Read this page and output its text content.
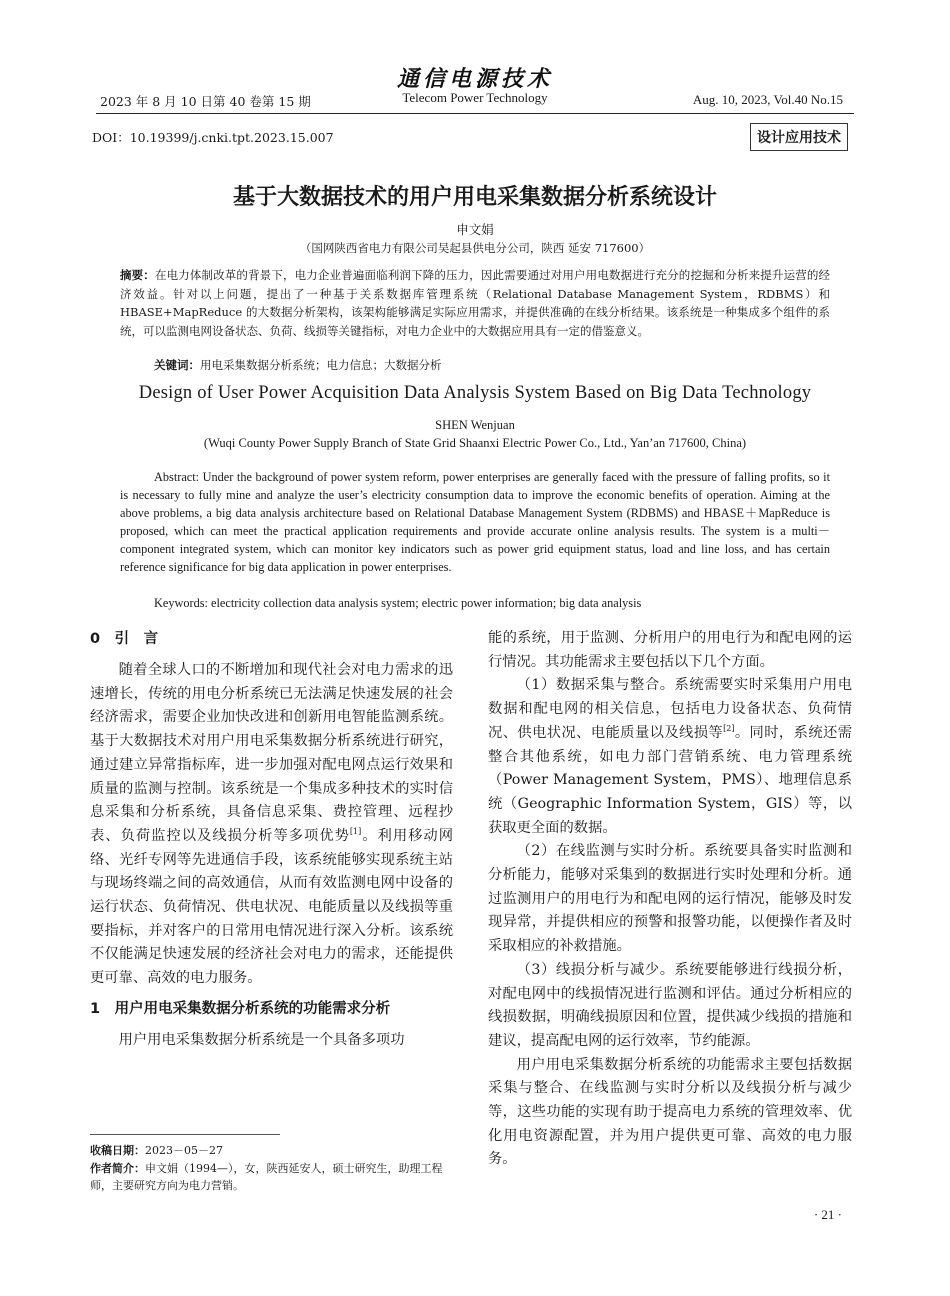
通信电源技术
2023 年 8 月 10 日第 40 卷第 15 期	Telecom Power Technology	Aug. 10, 2023, Vol.40 No.15
DOI：10.19399/j.cnki.tpt.2023.15.007	设计应用技术
基于大数据技术的用户用电采集数据分析系统设计
申文娟
（国网陕西省电力有限公司吴起县供电分公司，陕西 延安 717600）
摘要：在电力体制改革的背景下，电力企业普遍面临利润下降的压力，因此需要通过对用户用电数据进行充分的挖掘和分析来提升运营的经济效益。针对以上问题，提出了一种基于关系数据库管理系统（Relational Database Management System，RDBMS）和 HBASE+MapReduce 的大数据分析架构，该架构能够满足实际应用需求，并提供准确的在线分析结果。该系统是一种集成多个组件的系统，可以监测电网设备状态、负荷、线损等关键指标，对电力企业中的大数据应用具有一定的借鉴意义。
关键词：用电采集数据分析系统；电力信息；大数据分析
Design of User Power Acquisition Data Analysis System Based on Big Data Technology
SHEN Wenjuan
(Wuqi County Power Supply Branch of State Grid Shaanxi Electric Power Co., Ltd., Yan’an 717600, China)
Abstract: Under the background of power system reform, power enterprises are generally faced with the pressure of falling profits, so it is necessary to fully mine and analyze the user’s electricity consumption data to improve the economic benefits of operation. Aiming at the above problems, a big data analysis architecture based on Relational Database Management System (RDBMS) and HBASE＋MapReduce is proposed, which can meet the practical application requirements and provide accurate online analysis results. The system is a multi－component integrated system, which can monitor key indicators such as power grid equipment status, load and line loss, and has certain reference significance for big data application in power enterprises.
Keywords: electricity collection data analysis system; electric power information; big data analysis
0　引　言

随着全球人口的不断增加和现代社会对电力需求的迅速增长，传统的用电分析系统已无法满足快速发展的社会经济需求，需要企业加快改进和创新用电智能监测系统。基于大数据技术对用户用电采集数据分析系统进行研究，通过建立异常指标库，进一步加强对配电网点运行效果和质量的监测与控制。该系统是一个集成多种技术的实时信息采集和分析系统，具备信息采集、费控管理、远程抄表、负荷监控以及线损分析等多项优势[1]。利用移动网络、光纤专网等先进通信手段，该系统能够实现系统主站与现场终端之间的高效通信，从而有效监测电网中设备的运行状态、负荷情况、供电状况、电能质量以及线损等重要指标，并对客户的日常用电情况进行深入分析。该系统不仅能满足快速发展的经济社会对电力的需求，还能提供更可靠、高效的电力服务。

1　用户用电采集数据分析系统的功能需求分析

用户用电采集数据分析系统是一个具备多项功

能的系统，用于监测、分析用户的用电行为和配电网的运行情况。其功能需求主要包括以下几个方面。

（1）数据采集与整合。系统需要实时采集用户用电数据和配电网的相关信息，包括电力设备状态、负荷情况、供电状况、电能质量以及线损等[2]。同时，系统还需整合其他系统，如电力部门营销系统、电力管理系统（Power Management System，PMS）、地理信息系统（Geographic Information System，GIS）等，以获取更全面的数据。

（2）在线监测与实时分析。系统要具备实时监测和分析能力，能够对采集到的数据进行实时处理和分析。通过监测用户的用电行为和配电网的运行情况，能够及时发现异常，并提供相应的预警和报警功能，以便操作者及时采取相应的补救措施。

（3）线损分析与减少。系统要能够进行线损分析，对配电网中的线损情况进行监测和评估。通过分析相应的线损数据，明确线损原因和位置，提供减少线损的措施和建议，提高配电网的运行效率，节约能源。

用户用电采集数据分析系统的功能需求主要包括数据采集与整合、在线监测与实时分析以及线损分析与减少等，这些功能的实现有助于提高电力系统的管理效率、优化用电资源配置，并为用户提供更可靠、高效的电力服务。

收稿日期：2023－05－27
作者简介：申文娟（1994—），女，陕西延安人，硕士研究生，助理工程师，主要研究方向为电力营销。
· 21 ·
